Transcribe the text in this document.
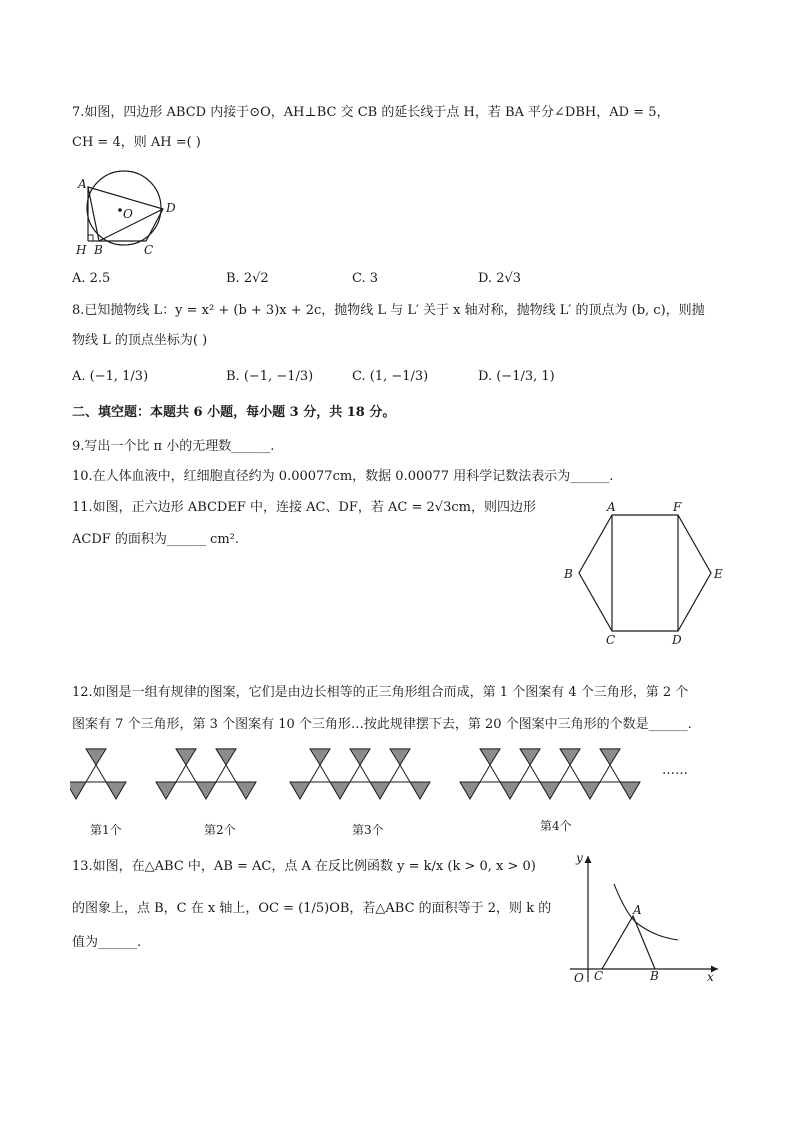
7.如图，四边形 ABCD 内接于⊙O，AH⊥BC 交 CB 的延长线于点 H，若 BA 平分∠DBH，AD = 5，
CH = 4，则 AH =( )
A
O	D
H B	C
A. 2.5	B. 2√2	C. 3	D. 2√3
8.已知抛物线 L：y = x² + (b + 3)x + 2c，抛物线 L 与 L′ 关于 x 轴对称，抛物线 L′ 的顶点为 (b, c)，则抛
物线 L 的顶点坐标为( )
A. (−1, 1/3)	B. (−1, −1/3)	C. (1, −1/3)	D. (−1/3, 1)
二、填空题：本题共 6 小题，每小题 3 分，共 18 分。
9.写出一个比 π 小的无理数______.
10.在人体血液中，红细胞直径约为 0.00077cm，数据 0.00077 用科学记数法表示为______.
11.如图，正六边形 ABCDEF 中，连接 AC、DF，若 AC = 2√3cm，则四边形
ACDF 的面积为______ cm².
A	F
B	E
C	D
12.如图是一组有规律的图案，它们是由边长相等的正三角形组合而成，第 1 个图案有 4 个三角形，第 2 个
图案有 7 个三角形，第 3 个图案有 10 个三角形…按此规律摆下去，第 20 个图案中三角形的个数是______.
……
第1个	第2个	第3个	第4个
13.如图，在△ABC 中，AB = AC，点 A 在反比例函数 y = k/x (k > 0, x > 0)
的图象上，点 B，C 在 x 轴上，OC = (1/5)OB，若△ABC 的面积等于 2，则 k 的
值为______.
y
A
O C	B	x
